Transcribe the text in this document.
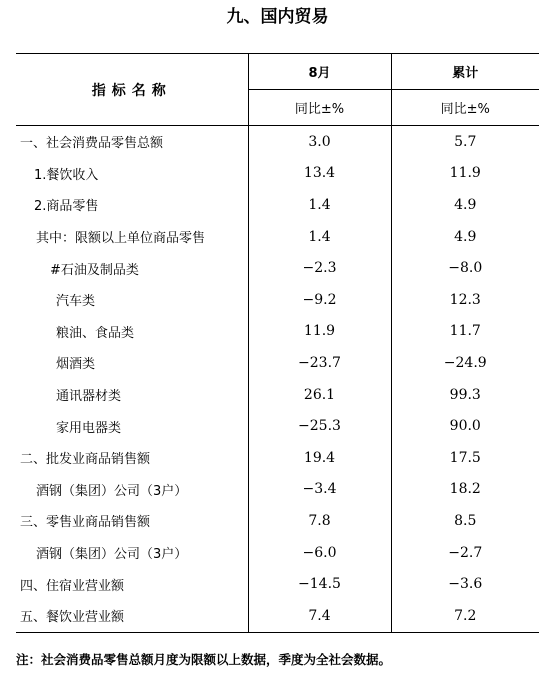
九、国内贸易
指标名称	8月	累计
	同比±%	同比±%
一、社会消费品零售总额	3.0	5.7
1.餐饮收入	13.4	11.9
2.商品零售	1.4	4.9
其中：限额以上单位商品零售	1.4	4.9
#石油及制品类	−2.3	−8.0
汽车类	−9.2	12.3
粮油、食品类	11.9	11.7
烟酒类	−23.7	−24.9
通讯器材类	26.1	99.3
家用电器类	−25.3	90.0
二、批发业商品销售额	19.4	17.5
酒钢（集团）公司（3户）	−3.4	18.2
三、零售业商品销售额	7.8	8.5
酒钢（集团）公司（3户）	−6.0	−2.7
四、住宿业营业额	−14.5	−3.6
五、餐饮业营业额	7.4	7.2
注：社会消费品零售总额月度为限额以上数据，季度为全社会数据。
